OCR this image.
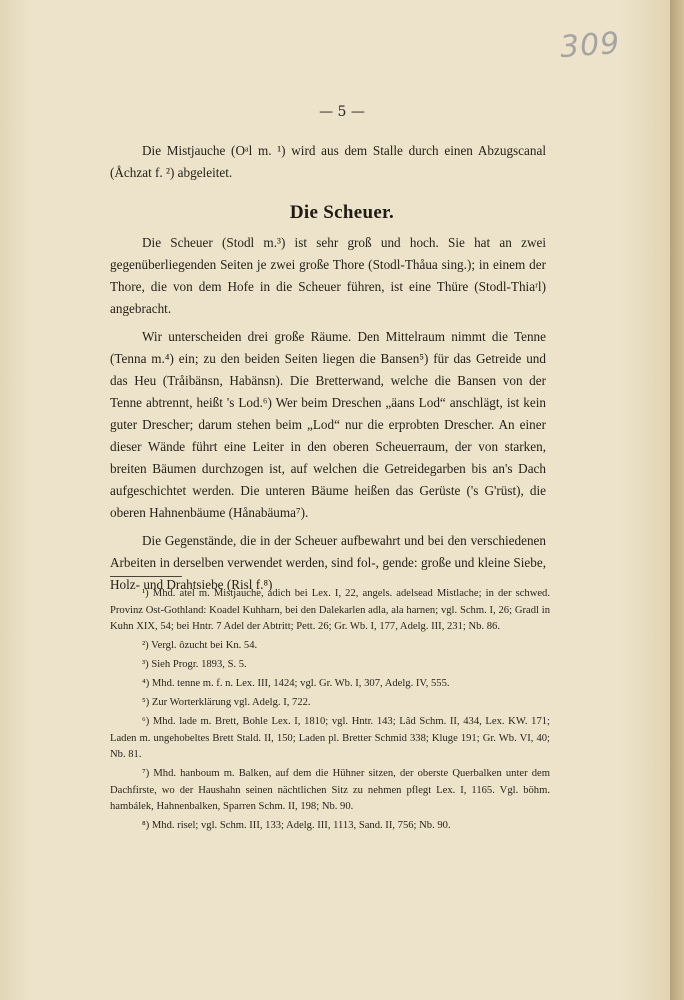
309
— 5 —

Die Mistjauche (Oᵃl m. ¹) wird aus dem Stalle durch einen Abzugscanal (Åchzat f. ²) abgeleitet.

Die Scheuer.

Die Scheuer (Stodl m.³) ist sehr groß und hoch. Sie hat an zwei gegenüberliegenden Seiten je zwei große Thore (Stodl-Thåua sing.); in einem der Thore, die von dem Hofe in die Scheuer führen, ist eine Thüre (Stodl-Thiaʳl) angebracht.

Wir unterscheiden drei große Räume. Den Mittelraum nimmt die Tenne (Tenna m.⁴) ein; zu den beiden Seiten liegen die Bansen⁵) für das Getreide und das Heu (Tråibänsn, Habänsn). Die Bretterwand, welche die Bansen von der Tenne abtrennt, heißt 's Lod.⁶) Wer beim Dreschen „äans Lod“ anschlägt, ist kein guter Drescher; darum stehen beim „Lod“ nur die erprobten Drescher. An einer dieser Wände führt eine Leiter in den oberen Scheuerraum, der von starken, breiten Bäumen durchzogen ist, auf welchen die Getreidegarben bis an's Dach aufgeschichtet werden. Die unteren Bäume heißen das Gerüste ('s G'rüst), die oberen Hahnenbäume (Hånabäuma⁷).

Die Gegenstände, die in der Scheuer aufbewahrt und bei den verschiedenen Arbeiten in derselben verwendet werden, sind fol-, gende: große und kleine Siebe, Holz- und Drahtsiebe (Risl f.⁸)

¹) Mhd. atel m. Mistjauche, adich bei Lex. I, 22, angels. adelsead Mistlache; in der schwed. Provinz Ost-Gothland: Koadel Kuhharn, bei den Dalekarlen adla, ala harnen; vgl. Schm. I, 26; Gradl in Kuhn XIX, 54; bei Hntr. 7 Adel der Abtritt; Pett. 26; Gr. Wb. I, 177, Adelg. III, 231; Nb. 86.

²) Vergl. ôzucht bei Kn. 54.

³) Sieh Progr. 1893, S. 5.

⁴) Mhd. tenne m. f. n. Lex. III, 1424; vgl. Gr. Wb. I, 307, Adelg. IV, 555.

⁵) Zur Worterklärung vgl. Adelg. I, 722.

⁶) Mhd. lade m. Brett, Bohle Lex. I, 1810; vgl. Hntr. 143; Lâd Schm. II, 434, Lex. KW. 171; Laden m. ungehobeltes Brett Stald. II, 150; Laden pl. Bretter Schmid 338; Kluge 191; Gr. Wb. VI, 40; Nb. 81.

⁷) Mhd. hanboum m. Balken, auf dem die Hühner sitzen, der oberste Querbalken unter dem Dachfirste, wo der Haushahn seinen nächtlichen Sitz zu nehmen pflegt Lex. I, 1165. Vgl. böhm. hambálek, Hahnenbalken, Sparren Schm. II, 198; Nb. 90.

⁸) Mhd. risel; vgl. Schm. III, 133; Adelg. III, 1113, Sand. II, 756; Nb. 90.
